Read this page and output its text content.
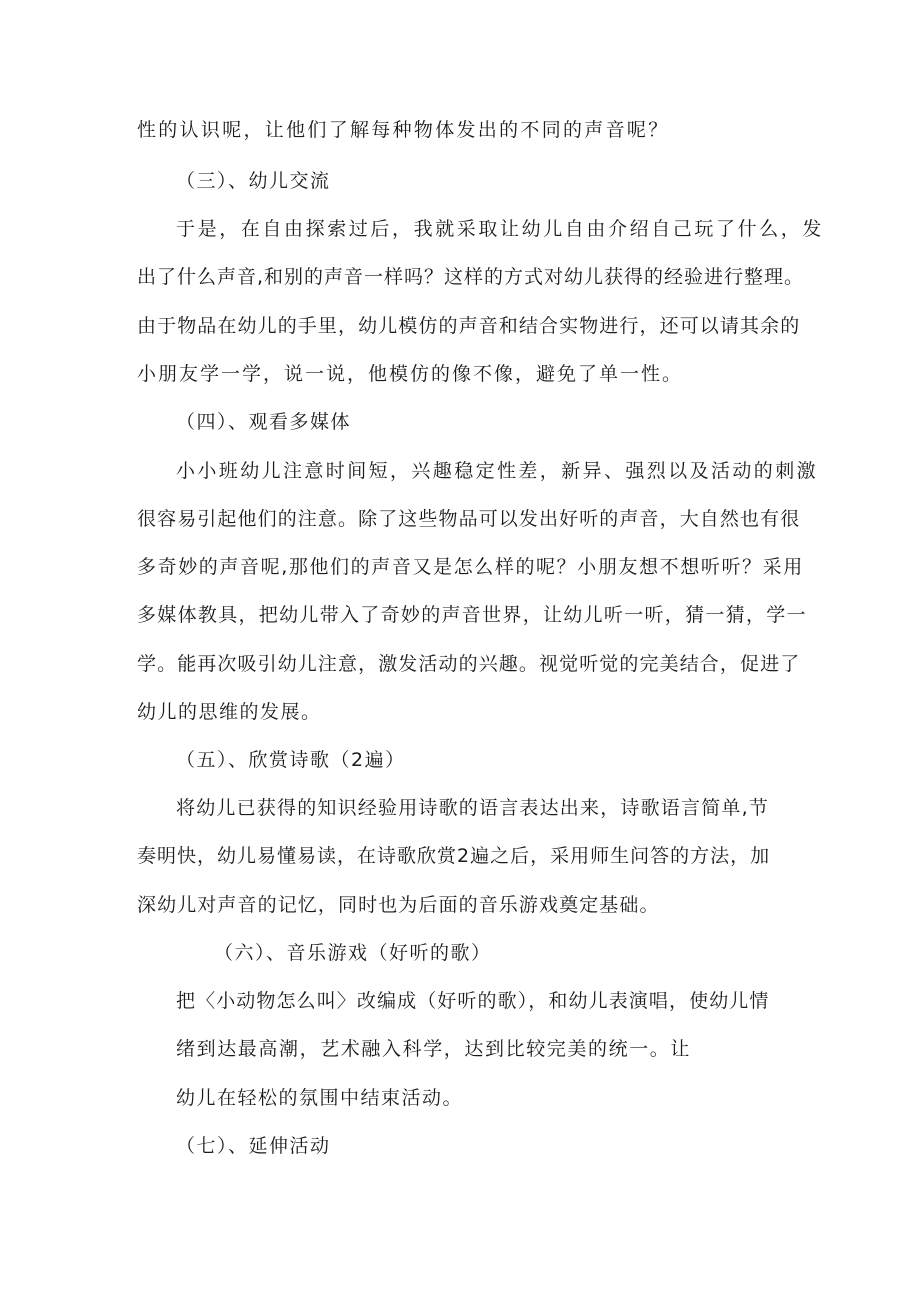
性的认识呢，让他们了解每种物体发出的不同的声音呢？
（三）、幼儿交流
于是，在自由探索过后，我就采取让幼儿自由介绍自己玩了什么，发
出了什么声音,和别的声音一样吗？这样的方式对幼儿获得的经验进行整理。
由于物品在幼儿的手里，幼儿模仿的声音和结合实物进行，还可以请其余的
小朋友学一学，说一说，他模仿的像不像，避免了单一性。
（四）、观看多媒体
小小班幼儿注意时间短，兴趣稳定性差，新异、强烈以及活动的刺激
很容易引起他们的注意。除了这些物品可以发出好听的声音，大自然也有很
多奇妙的声音呢,那他们的声音又是怎么样的呢？小朋友想不想听听？采用
多媒体教具，把幼儿带入了奇妙的声音世界，让幼儿听一听，猜一猜，学一
学。能再次吸引幼儿注意，激发活动的兴趣。视觉听觉的完美结合，促进了
幼儿的思维的发展。
（五）、欣赏诗歌（2遍）
将幼儿已获得的知识经验用诗歌的语言表达出来，诗歌语言简单,节
奏明快，幼儿易懂易读，在诗歌欣赏2遍之后，采用师生问答的方法，加
深幼儿对声音的记忆，同时也为后面的音乐游戏奠定基础。
（六）、音乐游戏（好听的歌）
把〈小动物怎么叫〉改编成（好听的歌），和幼儿表演唱，使幼儿情
绪到达最高潮，艺术融入科学，达到比较完美的统一。让
幼儿在轻松的氛围中结束活动。
（七）、延伸活动
